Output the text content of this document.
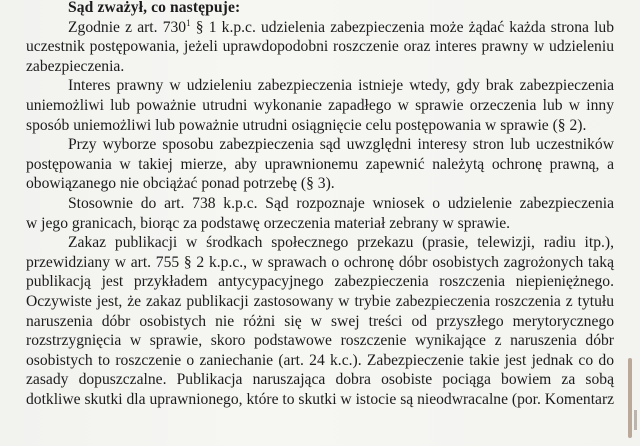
Sąd zważył, co następuje:

Zgodnie z art. $730^1$ § 1 k.p.c. udzielenia zabezpieczenia może żądać każda strona lub
uczestnik postępowania, jeżeli uprawdopodobni roszczenie oraz interes prawny w udzieleniu
zabezpieczenia.

Interes prawny w udzieleniu zabezpieczenia istnieje wtedy, gdy brak zabezpieczenia
uniemożliwi lub poważnie utrudni wykonanie zapadłego w sprawie orzeczenia lub w inny
sposób uniemożliwi lub poważnie utrudni osiągnięcie celu postępowania w sprawie (§ 2).

Przy wyborze sposobu zabezpieczenia sąd uwzględni interesy stron lub uczestników
postępowania w takiej mierze, aby uprawnionemu zapewnić należytą ochronę prawną, a
obowiązanego nie obciążać ponad potrzebę (§ 3).

Stosownie do art. 738 k.p.c. Sąd rozpoznaje wniosek o udzielenie zabezpieczenia
w jego granicach, biorąc za podstawę orzeczenia materiał zebrany w sprawie.

Zakaz publikacji w środkach społecznego przekazu (prasie, telewizji, radiu itp.),
przewidziany w art. 755 § 2 k.p.c., w sprawach o ochronę dóbr osobistych zagrożonych taką
publikacją jest przykładem antycypacyjnego zabezpieczenia roszczenia niepieniężnego.
Oczywiste jest, że zakaz publikacji zastosowany w trybie zabezpieczenia roszczenia z tytułu
naruszenia dóbr osobistych nie różni się w swej treści od przyszłego merytorycznego
rozstrzygnięcia w sprawie, skoro podstawowe roszczenie wynikające z naruszenia dóbr
osobistych to roszczenie o zaniechanie (art. 24 k.c.). Zabezpieczenie takie jest jednak co do
zasady dopuszczalne. Publikacja naruszająca dobra osobiste pociąga bowiem za sobą
dotkliwe skutki dla uprawnionego, które to skutki w istocie są nieodwracalne (por. Komentarz
